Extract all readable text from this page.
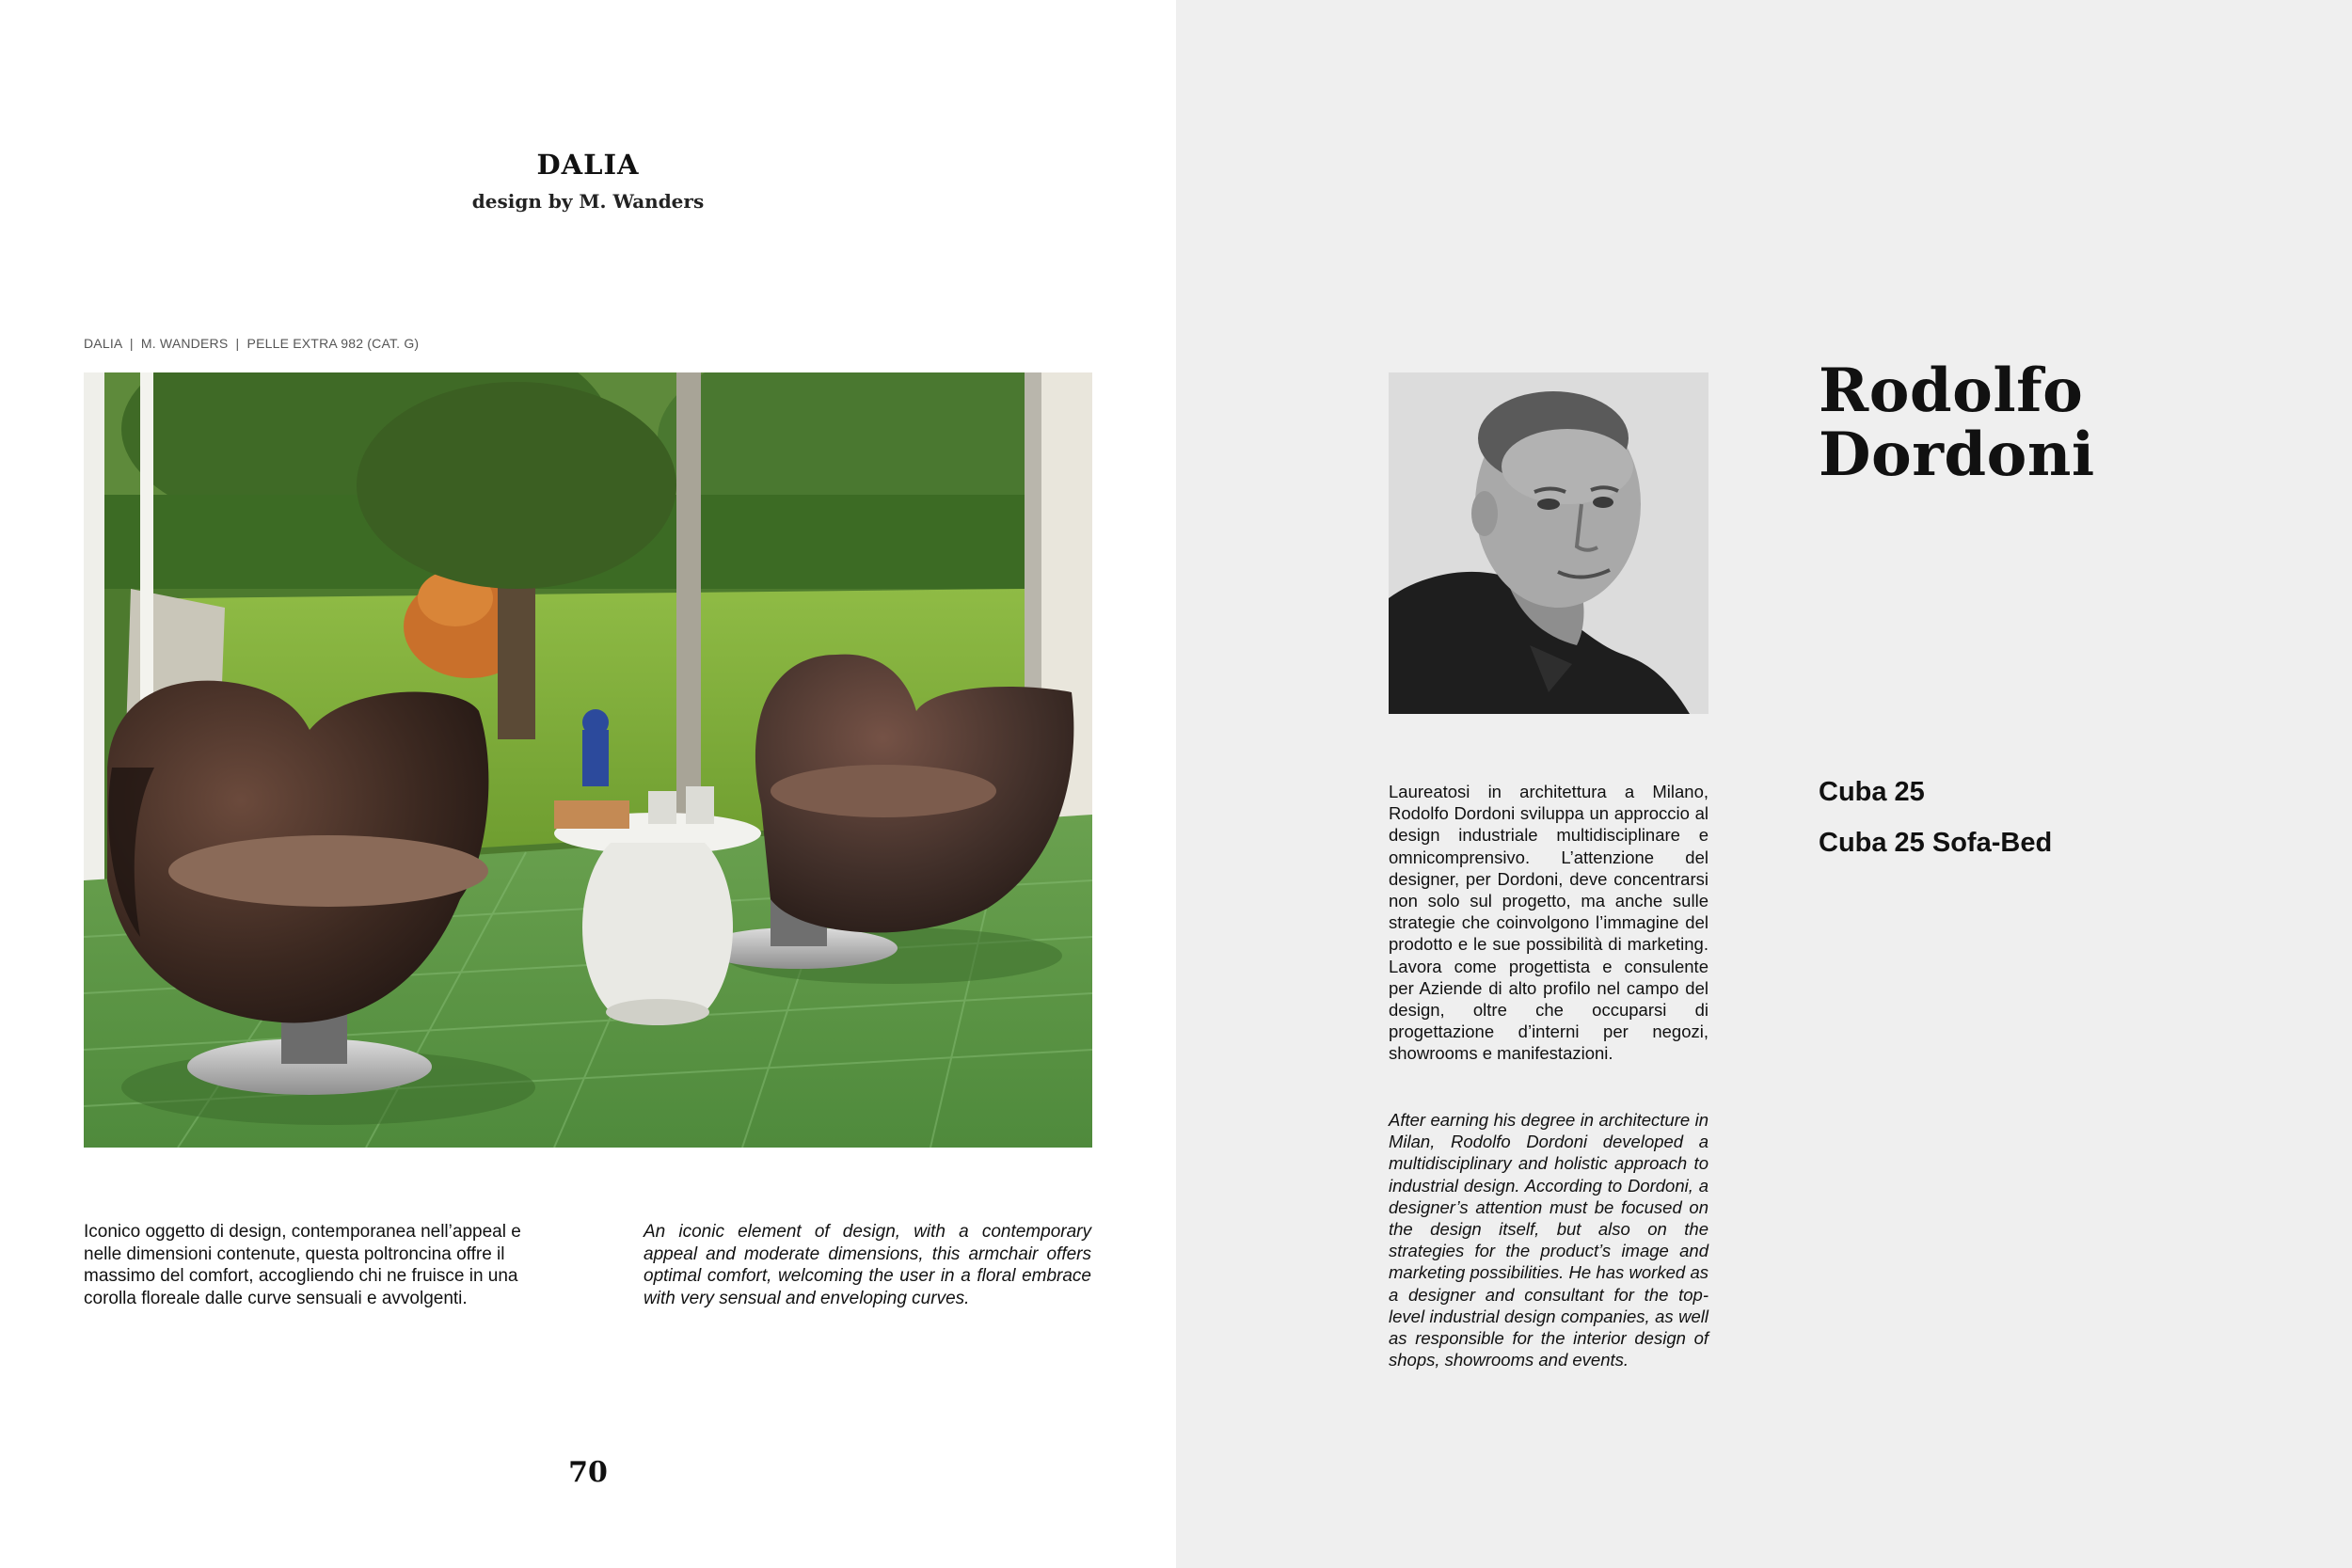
DALIA
design by M. Wanders
DALIA  |  M. WANDERS  |  PELLE EXTRA 982 (CAT. G)
Iconico oggetto di design, contemporanea nell’appeal e nelle dimensioni contenute, questa poltroncina offre il massimo del comfort, accogliendo chi ne fruisce in una corolla floreale dalle curve sensuali e avvolgenti.
An iconic element of design, with a contemporary appeal and moderate dimensions, this armchair offers optimal comfort, welcoming the user in a floral embrace with very sensual and enveloping curves.
70
Rodolfo
Dordoni
Laureatosi in architettura a Milano, Rodolfo Dordoni sviluppa un approccio al design industriale multidisciplinare e omnicomprensivo. L’attenzione del designer, per Dordoni, deve concentrarsi non solo sul progetto, ma anche sulle strategie che coinvolgono l’immagine del prodotto e le sue possibilità di marketing. Lavora come progettista e consulente per Aziende di alto profilo nel campo del design, oltre che occuparsi di progettazione d’interni per negozi, showrooms e manifestazioni.
After earning his degree in architecture in Milan, Rodolfo Dordoni developed a multidisciplinary and holistic approach to industrial design. According to Dordoni, a designer’s attention must be focused on the design itself, but also on the strategies for the product’s image and marketing possibilities. He has worked as a designer and consultant for the top-level industrial design companies, as well as responsible for the interior design of shops, showrooms and events.
Cuba 25
Cuba 25 Sofa-Bed
